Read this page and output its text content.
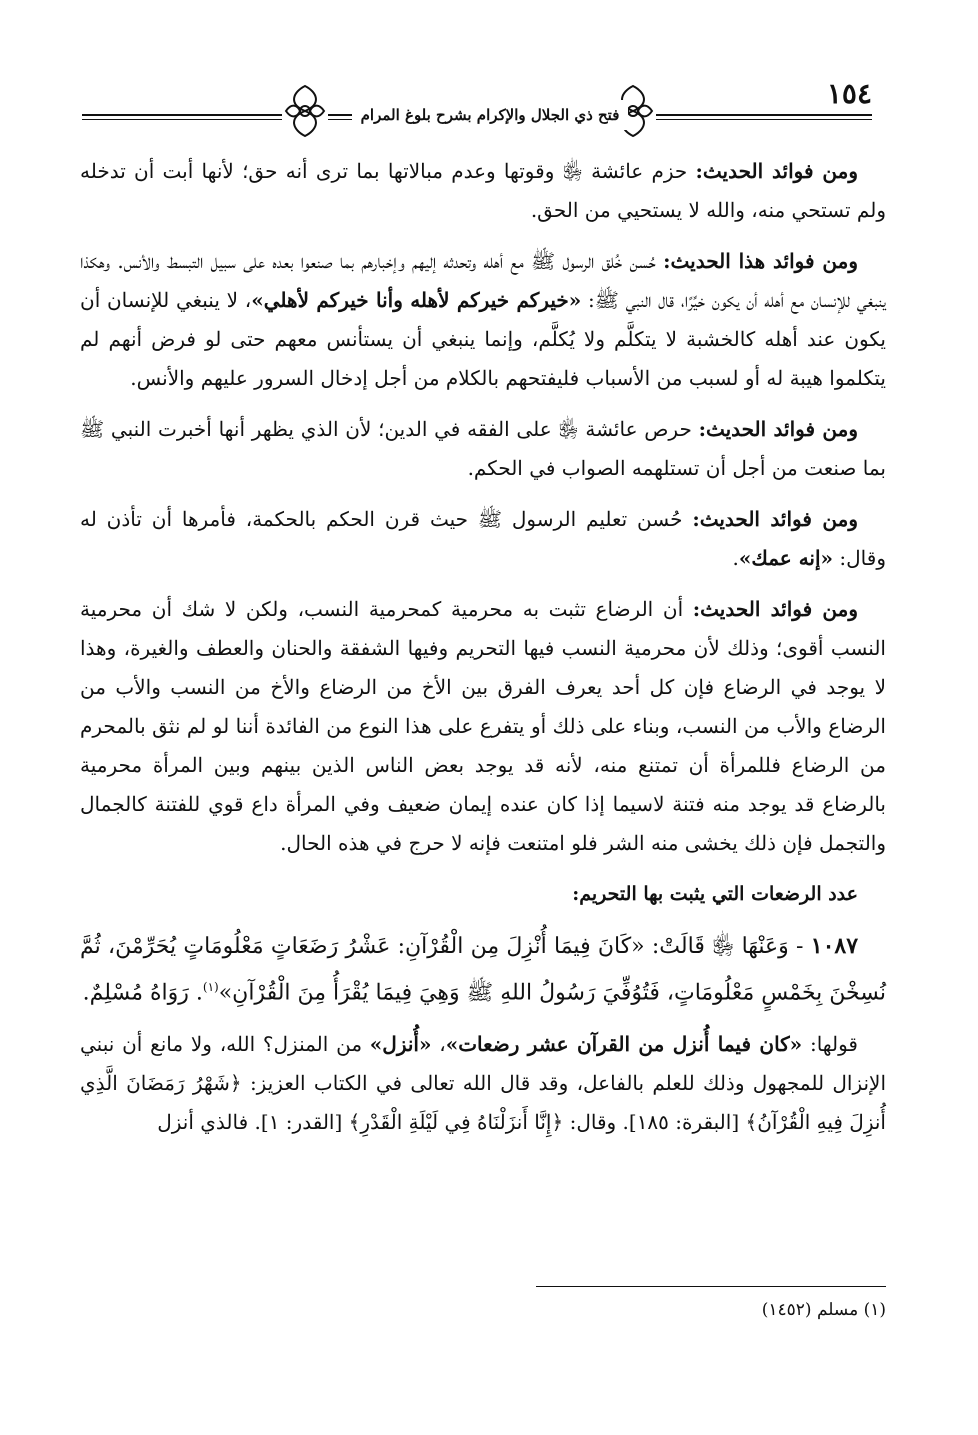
فتح ذي الجلال والإكرام بشرح بلوغ المرام
١٥٤

ومن فوائد الحديث: حزم عائشة ﵂ وقوتها وعدم مبالاتها بما ترى أنه حق؛ لأنها أبت أن تدخله ولم تستحي منه، والله لا يستحيي من الحق.

ومن فوائد هذا الحديث: حُسن خُلق الرسول ﷺ مع أهله وتحدثه إليهم وإخبارهم بما صنعوا بعده على سبيل التبسط والأنس. وهكذا ينبغي للإنسان مع أهله أن يكون خيِّرًا، قال النبي ﷺ: «خيركم خيركم لأهله وأنا خيركم لأهلي»، لا ينبغي للإنسان أن يكون عند أهله كالخشبة لا يتكلَّم ولا يُكلَّم، وإنما ينبغي أن يستأنس معهم حتى لو فرض أنهم لم يتكلموا هيبة له أو لسبب من الأسباب فليفتحهم بالكلام من أجل إدخال السرور عليهم والأنس.

ومن فوائد الحديث: حرص عائشة ﵂ على الفقه في الدين؛ لأن الذي يظهر أنها أخبرت النبي ﷺ بما صنعت من أجل أن تستلهمه الصواب في الحكم.

ومن فوائد الحديث: حُسن تعليم الرسول ﷺ حيث قرن الحكم بالحكمة، فأمرها أن تأذن له وقال: «إنه عمك».

ومن فوائد الحديث: أن الرضاع تثبت به محرمية كمحرمية النسب، ولكن لا شك أن محرمية النسب أقوى؛ وذلك لأن محرمية النسب فيها التحريم وفيها الشفقة والحنان والعطف والغيرة، وهذا لا يوجد في الرضاع فإن كل أحد يعرف الفرق بين الأخ من الرضاع والأخ من النسب والأب من الرضاع والأب من النسب، وبناء على ذلك أو يتفرع على هذا النوع من الفائدة أننا لو لم نثق بالمحرم من الرضاع فللمرأة أن تمتنع منه، لأنه قد يوجد بعض الناس الذين بينهم وبين المرأة محرمية بالرضاع قد يوجد منه فتنة لاسيما إذا كان عنده إيمان ضعيف وفي المرأة داع قوي للفتنة كالجمال والتجمل فإن ذلك يخشى منه الشر فلو امتنعت فإنه لا حرج في هذه الحال.

عدد الرضعات التي يثبت بها التحريم:

١٠٨٧ - وَعَنْهَا ﵂ قَالَتْ: «كَانَ فِيمَا أُنْزِلَ مِن الْقُرْآنِ: عَشْرُ رَضَعَاتٍ مَعْلُومَاتٍ يُحَرِّمْنَ، ثُمَّ نُسِخْنَ بِخَمْسٍ مَعْلُومَاتٍ، فَتُوُفِّيَ رَسُولُ اللهِ ﷺ وَهِيَ فِيمَا يُقْرَأُ مِنَ الْقُرْآنِ»$^{(١)}$. رَوَاهُ مُسْلِمٌ.

قولها: «كان فيما أُنزل من القرآن عشر رضعات»، «أُنزل» من المنزل؟ الله، ولا مانع أن نبني الإنزال للمجهول وذلك للعلم بالفاعل، وقد قال الله تعالى في الكتاب العزيز: ﴿شَهْرُ رَمَضَانَ الَّذِي أُنزِلَ فِيهِ الْقُرْآنُ﴾ [البقرة: ١٨٥]. وقال: ﴿إِنَّا أَنزَلْنَاهُ فِي لَيْلَةِ الْقَدْرِ﴾ [القدر: ١]. فالذي أنزل

(١) مسلم (١٤٥٢)
